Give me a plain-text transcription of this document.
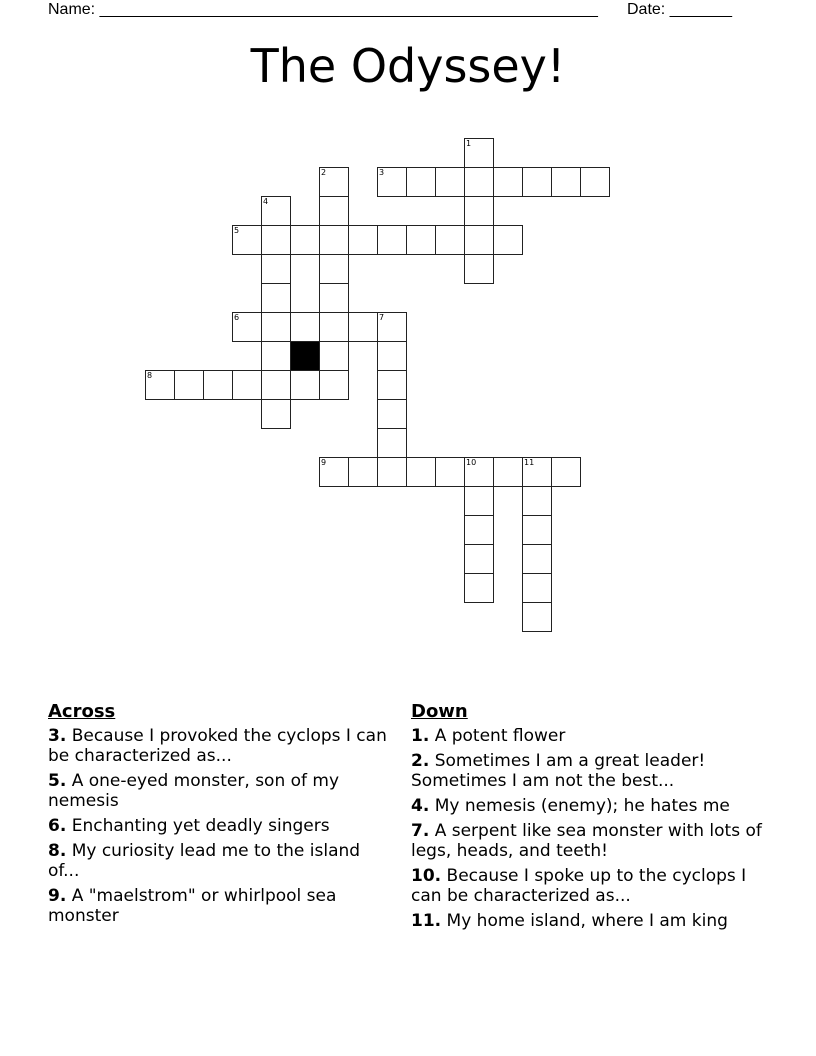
Name: ________________________________________________________ Date: _______
The Odyssey!
1
2	3
4
5
6	7
8
9	10	11
Across
3. Because I provoked the cyclops I can be characterized as...
5. A one-eyed monster, son of my nemesis
6. Enchanting yet deadly singers
8. My curiosity lead me to the island of...
9. A "maelstrom" or whirlpool sea monster
Down
1. A potent flower
2. Sometimes I am a great leader! Sometimes I am not the best...
4. My nemesis (enemy); he hates me
7. A serpent like sea monster with lots of legs, heads, and teeth!
10. Because I spoke up to the cyclops I can be characterized as...
11. My home island, where I am king
